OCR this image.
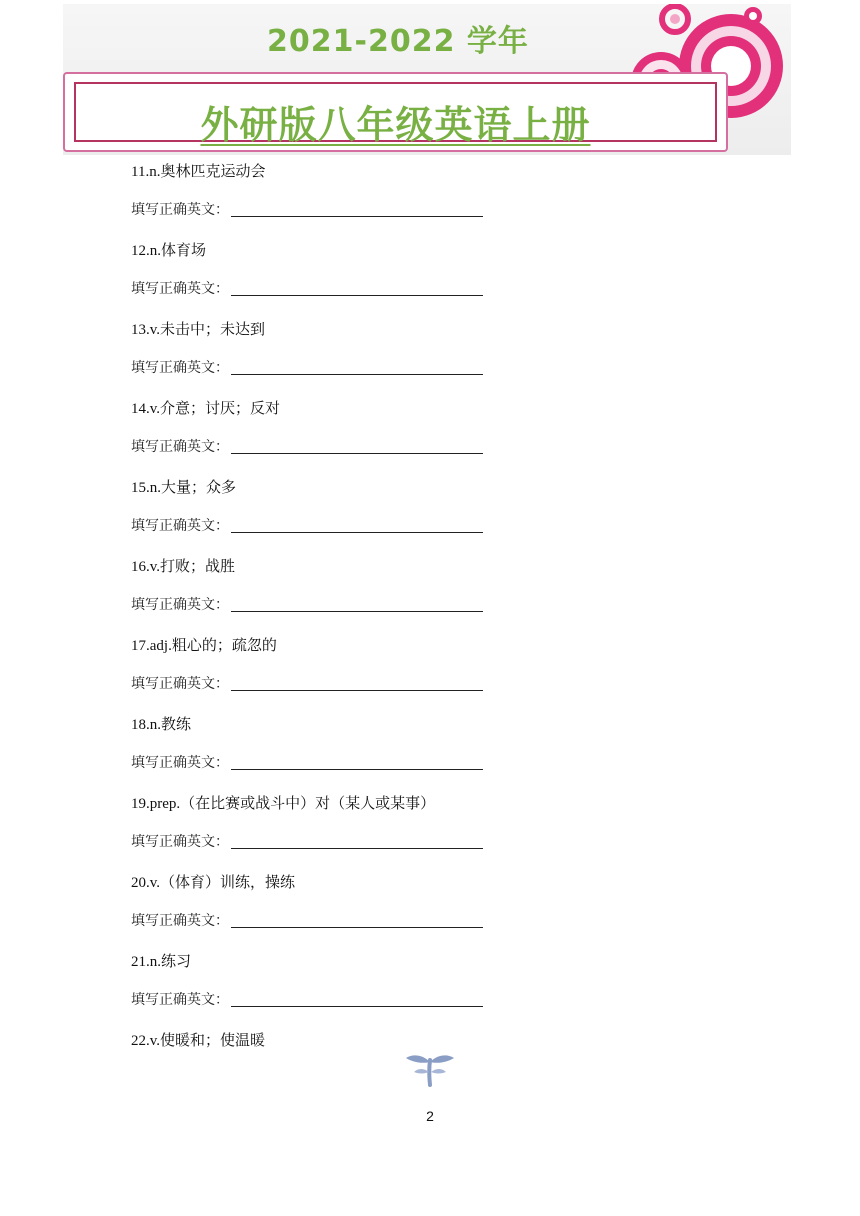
2021-2022 学年
外研版八年级英语上册
11.n.奥林匹克运动会
填写正确英文：
12.n.体育场
填写正确英文：
13.v.未击中；未达到
填写正确英文：
14.v.介意；讨厌；反对
填写正确英文：
15.n.大量；众多
填写正确英文：
16.v.打败；战胜
填写正确英文：
17.adj.粗心的；疏忽的
填写正确英文：
18.n.教练
填写正确英文：
19.prep.（在比赛或战斗中）对（某人或某事）
填写正确英文：
20.v.（体育）训练，操练
填写正确英文：
21.n.练习
填写正确英文：
22.v.使暖和；使温暖
2
